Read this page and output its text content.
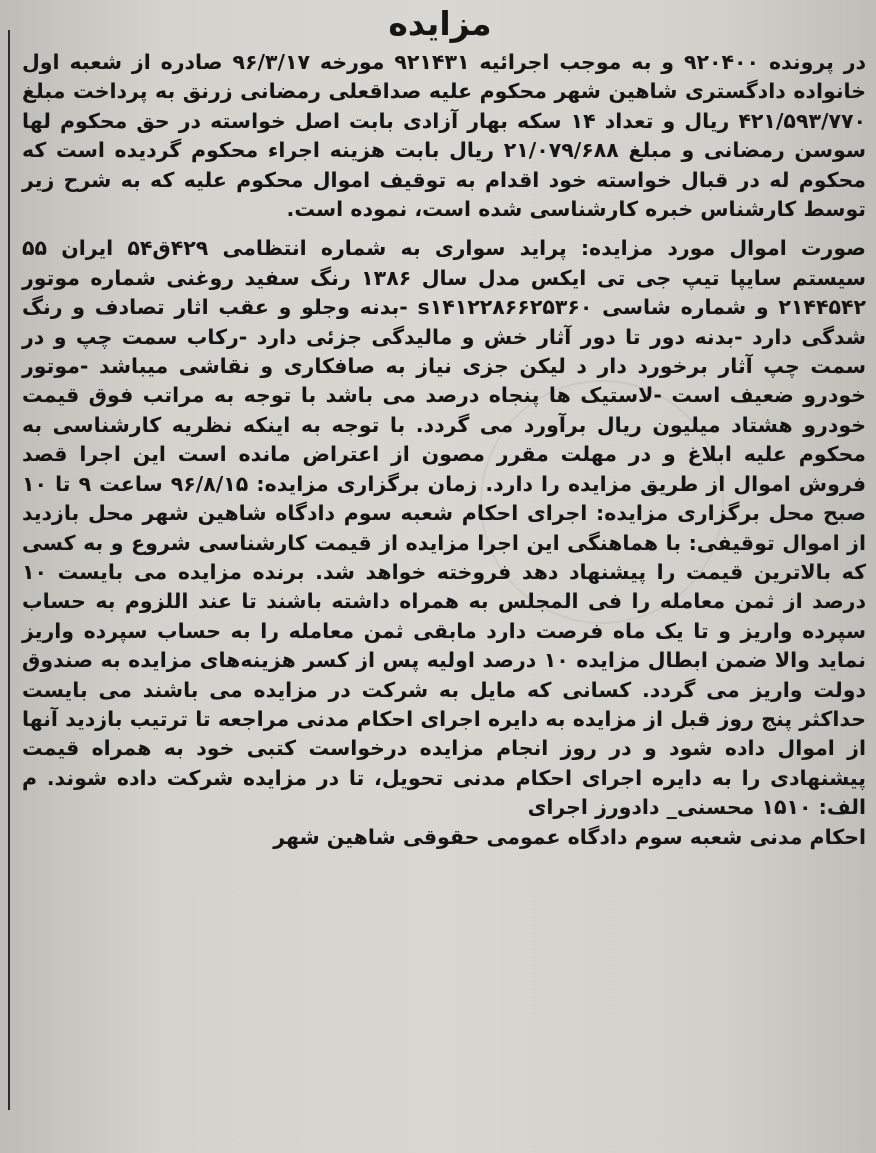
مزایده

در پرونده ۹۲۰۴۰۰ و به موجب اجرائیه ۹۲۱۴۳۱ مورخه ۹۶/۳/۱۷ صادره از شعبه اول خانواده دادگستری شاهین شهر محکوم علیه صداقعلی رمضانی زرنق به پرداخت مبلغ ۴۲۱/۵۹۳/۷۷۰ ریال و تعداد ۱۴ سکه بهار آزادی بابت اصل خواسته در حق محکوم لها سوسن رمضانی و مبلغ ۲۱/۰۷۹/۶۸۸ ریال بابت هزینه اجراء محکوم گردیده است که محکوم له در قبال خواسته خود اقدام به توقیف اموال محکوم علیه که به شرح زیر توسط کارشناس خبره کارشناسی شده است، نموده است.

صورت اموال مورد مزایده: پراید سواری به شماره انتظامی ۴۲۹ق۵۴ ایران ۵۵ سیستم سایپا تیپ جی تی ایکس مدل سال ۱۳۸۶ رنگ سفید روغنی شماره موتور ۲۱۴۴۵۴۲ و شماره شاسی s۱۴۱۲۲۸۶۶۲۵۳۶۰ -بدنه وجلو و عقب اثار تصادف و رنگ شدگی دارد -بدنه دور تا دور آثار خش و مالیدگی جزئی دارد -رکاب سمت چپ و در سمت چپ آثار برخورد دار د لیکن جزی نیاز به صافکاری و نقاشی میباشد -موتور خودرو ضعیف است -لاستیک ها پنجاه درصد می باشد با توجه به مراتب فوق قیمت خودرو هشتاد میلیون ریال برآورد می گردد. با توجه به اینکه نظریه کارشناسی به محکوم علیه ابلاغ و در مهلت مقرر مصون از اعتراض مانده است این اجرا قصد فروش اموال از طریق مزایده را دارد. زمان برگزاری مزایده: ۹۶/۸/۱۵ ساعت ۹ تا ۱۰ صبح محل برگزاری مزایده: اجرای احکام شعبه سوم دادگاه شاهین شهر محل بازدید از اموال توقیفی: با هماهنگی این اجرا مزایده از قیمت کارشناسی شروع و به کسی که بالاترین قیمت را پیشنهاد دهد فروخته خواهد شد. برنده مزایده می بایست ۱۰ درصد از ثمن معامله را فی المجلس به همراه داشته باشند تا عند اللزوم به حساب سپرده واریز و تا یک ماه فرصت دارد مابقی ثمن معامله را به حساب سپرده واریز نماید والا ضمن ابطال مزایده ۱۰ درصد اولیه پس از کسر هزینه‌های مزایده به صندوق دولت واریز می گردد. کسانی که مایل به شرکت در مزایده می باشند می بایست حداکثر پنج روز قبل از مزایده به دایره اجرای احکام مدنی مراجعه تا ترتیب بازدید آنها از اموال داده شود و در روز انجام مزایده درخواست کتبی خود به همراه قیمت پیشنهادی را به دایره اجرای احکام مدنی تحویل، تا در مزایده شرکت داده شوند. م الف: ۱۵۱۰ محسنی_ دادورز اجرای

احکام مدنی شعبه سوم دادگاه عمومی حقوقی شاهین شهر
